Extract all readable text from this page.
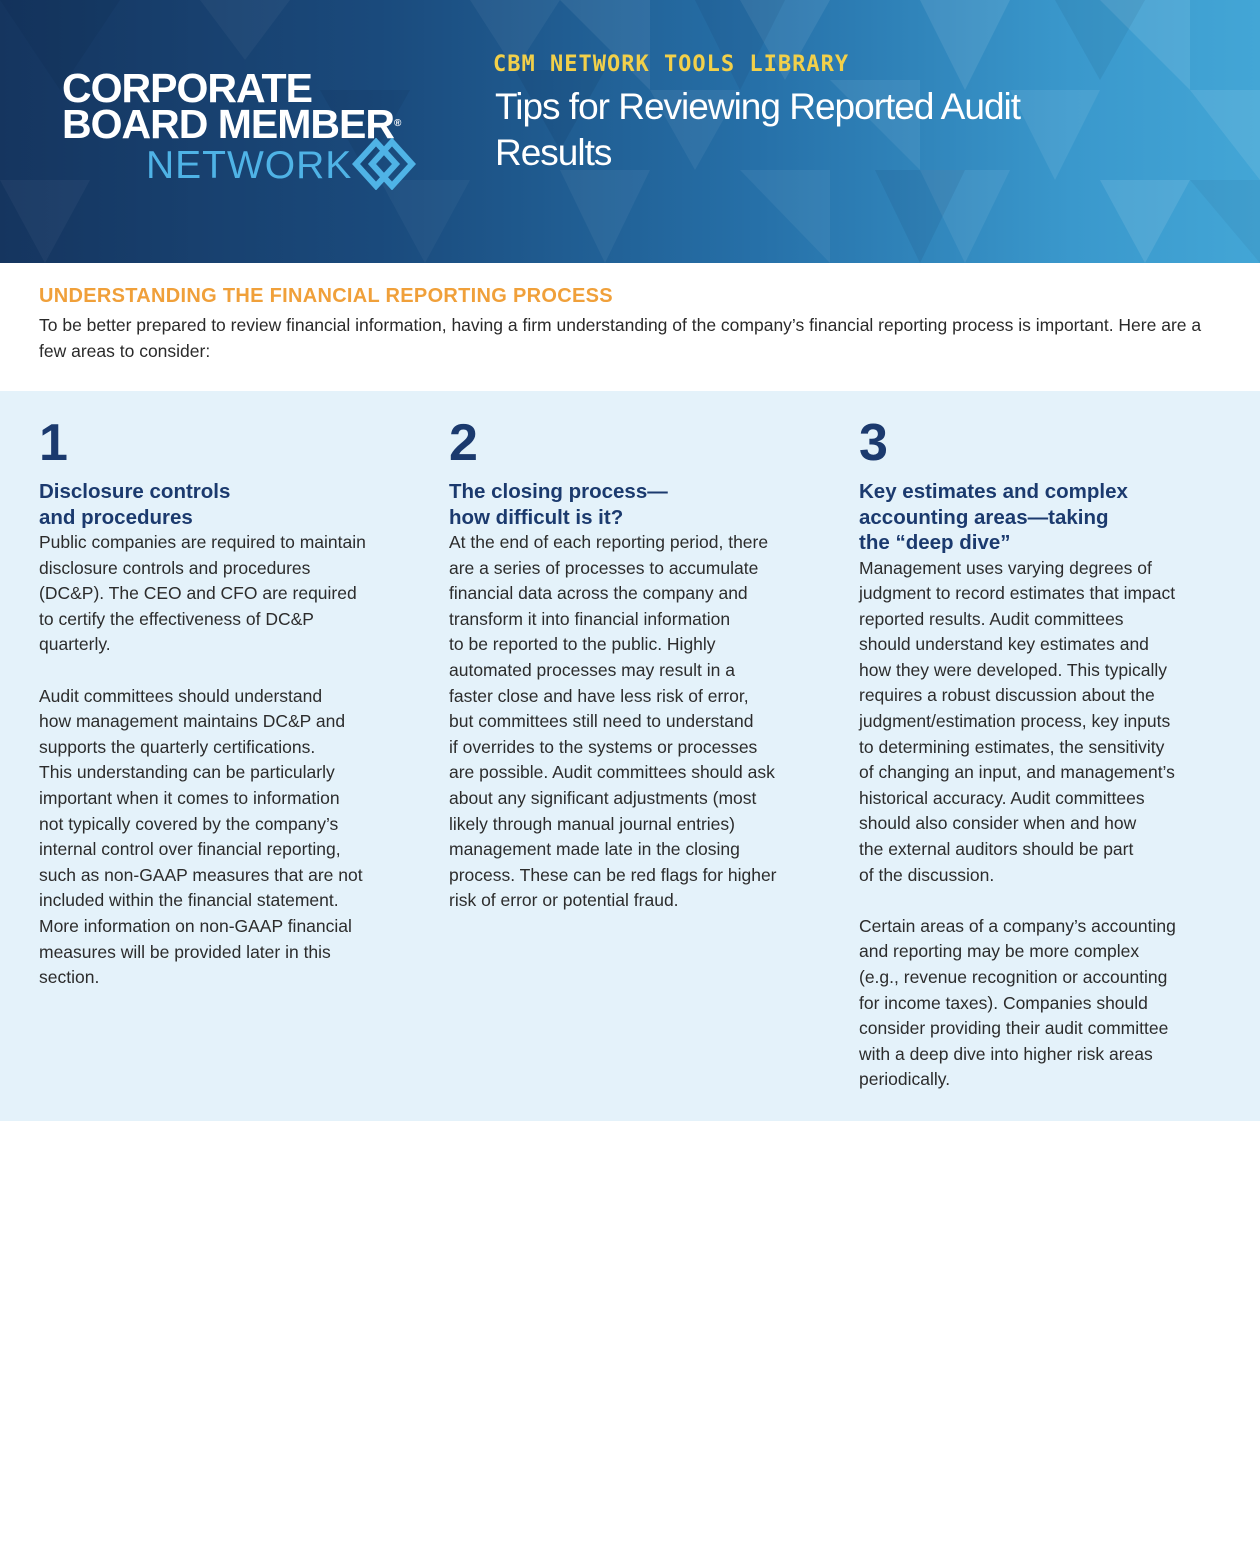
CORPORATE
BOARD MEMBER®
NETWORK
CBM NETWORK TOOLS LIBRARY
Tips for Reviewing Reported Audit Results
UNDERSTANDING THE FINANCIAL REPORTING PROCESS

To be better prepared to review financial information, having a firm understanding of the company’s financial reporting process is important. Here are a few areas to consider:

1
Disclosure controls
and procedures

Public companies are required to maintain
disclosure controls and procedures
(DC&P). The CEO and CFO are required
to certify the effectiveness of DC&P
quarterly.

Audit committees should understand
how management maintains DC&P and
supports the quarterly certifications.
This understanding can be particularly
important when it comes to information
not typically covered by the company’s
internal control over financial reporting,
such as non-GAAP measures that are not
included within the financial statement.
More information on non-GAAP financial
measures will be provided later in this
section.

2
The closing process—
how difficult is it?

At the end of each reporting period, there
are a series of processes to accumulate
financial data across the company and
transform it into financial information
to be reported to the public. Highly
automated processes may result in a
faster close and have less risk of error,
but committees still need to understand
if overrides to the systems or processes
are possible. Audit committees should ask
about any significant adjustments (most
likely through manual journal entries)
management made late in the closing
process. These can be red flags for higher
risk of error or potential fraud.

3
Key estimates and complex
accounting areas—taking
the “deep dive”

Management uses varying degrees of
judgment to record estimates that impact
reported results. Audit committees
should understand key estimates and
how they were developed. This typically
requires a robust discussion about the
judgment/estimation process, key inputs
to determining estimates, the sensitivity
of changing an input, and management’s
historical accuracy. Audit committees
should also consider when and how
the external auditors should be part
of the discussion.

Certain areas of a company’s accounting
and reporting may be more complex
(e.g., revenue recognition or accounting
for income taxes). Companies should
consider providing their audit committee
with a deep dive into higher risk areas
periodically.
